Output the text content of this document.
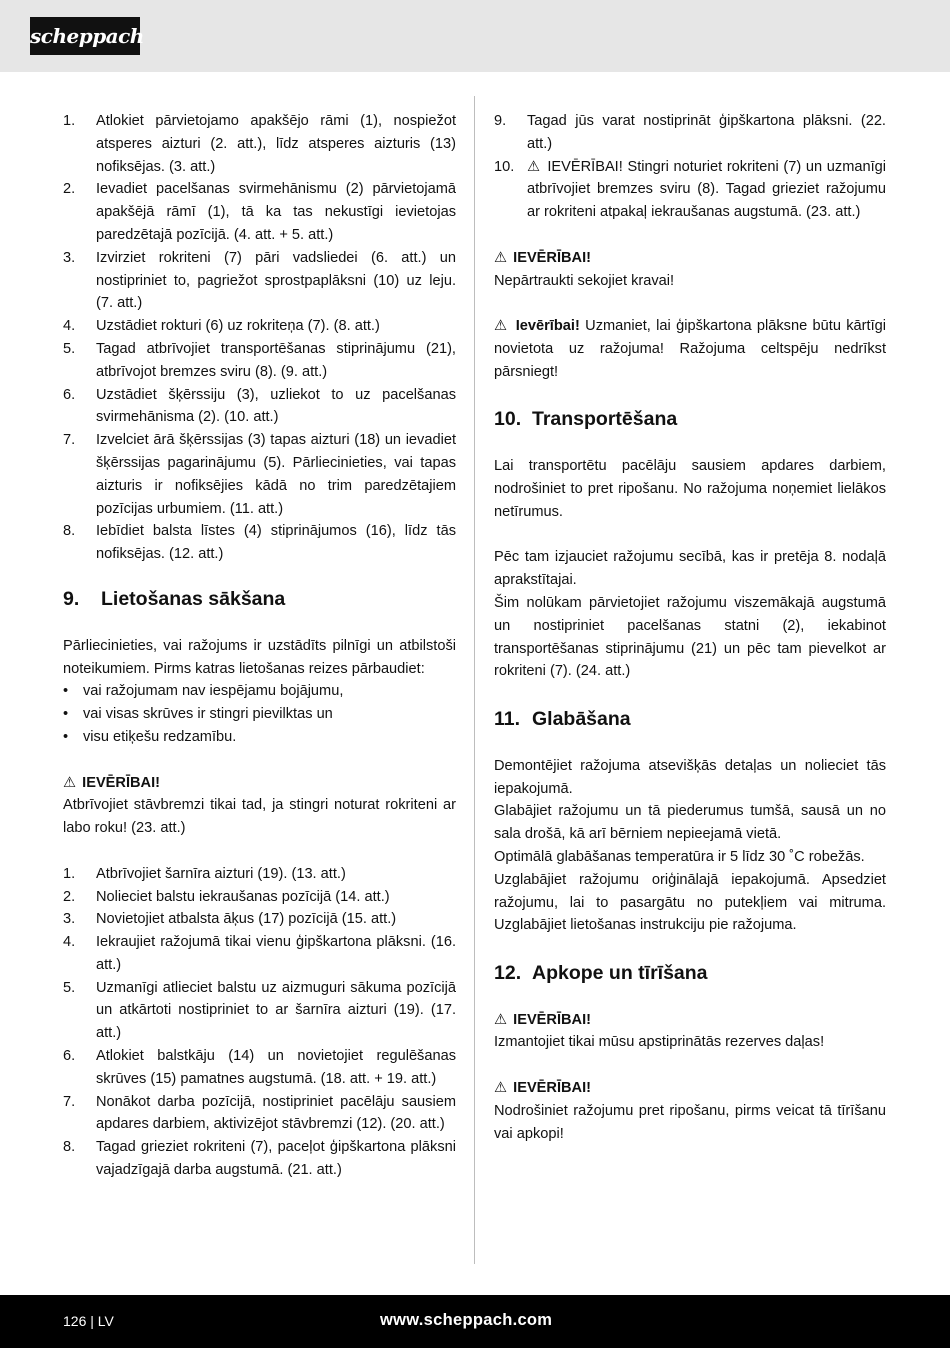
scheppach
1. Atlokiet pārvietojamo apakšējo rāmi (1), nospiežot atsperes aizturi (2. att.), līdz atsperes aizturis (13) nofiksējas. (3. att.)
2. Ievadiet pacelšanas svirmehānismu (2) pārvietojamā apakšējā rāmī (1), tā ka tas nekustīgi ievietojas paredzētajā pozīcijā. (4. att. + 5. att.)
3. Izvirziet rokriteni (7) pāri vadsliedei (6. att.) un nostipriniet to, pagriežot sprostpaplāksni (10) uz leju. (7. att.)
4. Uzstādiet rokturi (6) uz rokriteņa (7). (8. att.)
5. Tagad atbrīvojiet transportēšanas stiprinājumu (21), atbrīvojot bremzes sviru (8). (9. att.)
6. Uzstādiet šķērssiju (3), uzliekot to uz pacelšanas svirmehānisma (2). (10. att.)
7. Izvelciet ārā šķērssijas (3) tapas aizturi (18) un ievadiet šķērssijas pagarinājumu (5). Pārliecinieties, vai tapas aizturis ir nofiksējies kādā no trim paredzētajiem pozīcijas urbumiem. (11. att.)
8. Iebīdiet balsta līstes (4) stiprinājumos (16), līdz tās nofiksējas. (12. att.)
9. Lietošanas sākšana

Pārliecinieties, vai ražojums ir uzstādīts pilnīgi un atbilstoši noteikumiem. Pirms katras lietošanas reizes pārbaudiet:

• vai ražojumam nav iespējamu bojājumu,
• vai visas skrūves ir stingri pievilktas un
• visu etiķešu redzamību.
⚠ IEVĒRĪBAI!

Atbrīvojiet stāvbremzi tikai tad, ja stingri noturat rokriteni ar labo roku! (23. att.)

1. Atbrīvojiet šarnīra aizturi (19). (13. att.)
2. Nolieciet balstu iekraušanas pozīcijā (14. att.)
3. Novietojiet atbalsta āķus (17) pozīcijā (15. att.)
4. Iekraujiet ražojumā tikai vienu ģipškartona plāksni. (16. att.)
5. Uzmanīgi atlieciet balstu uz aizmuguri sākuma pozīcijā un atkārtoti nostipriniet to ar šarnīra aizturi (19). (17. att.)
6. Atlokiet balstkāju (14) un novietojiet regulēšanas skrūves (15) pamatnes augstumā. (18. att. + 19. att.)
7. Nonākot darba pozīcijā, nostipriniet pacēlāju sausiem apdares darbiem, aktivizējot stāvbremzi (12). (20. att.)
8. Tagad grieziet rokriteni (7), paceļot ģipškartona plāksni vajadzīgajā darba augstumā. (21. att.)
9. Tagad jūs varat nostiprināt ģipškartona plāksni. (22. att.)
10. ⚠ IEVĒRĪBAI! Stingri noturiet rokriteni (7) un uzmanīgi atbrīvojiet bremzes sviru (8). Tagad grieziet ražojumu ar rokriteni atpakaļ iekraušanas augstumā. (23. att.)
⚠ IEVĒRĪBAI!

Nepārtraukti sekojiet kravai!

⚠ Ievērībai! Uzmaniet, lai ģipškartona plāksne būtu kārtīgi novietota uz ražojuma! Ražojuma celtspēju nedrīkst pārsniegt!

10. Transportēšana

Lai transportētu pacēlāju sausiem apdares darbiem, nodrošiniet to pret ripošanu. No ražojuma noņemiet lielākos netīrumus.

Pēc tam izjauciet ražojumu secībā, kas ir pretēja 8. nodaļā aprakstītajai.

Šim nolūkam pārvietojiet ražojumu viszemākajā augstumā un nostipriniet pacelšanas statni (2), iekabinot transportēšanas stiprinājumu (21) un pēc tam pievelkot ar rokriteni (7). (24. att.)

11. Glabāšana

Demontējiet ražojuma atsevišķās detaļas un nolieciet tās iepakojumā.

Glabājiet ražojumu un tā piederumus tumšā, sausā un no sala drošā, kā arī bērniem nepieejamā vietā.

Optimālā glabāšanas temperatūra ir 5 līdz 30 ˚C robežās.

Uzglabājiet ražojumu oriģinālajā iepakojumā. Apsedziet ražojumu, lai to pasargātu no putekļiem vai mitruma. Uzglabājiet lietošanas instrukciju pie ražojuma.

12. Apkope un tīrīšana
⚠ IEVĒRĪBAI!

Izmantojiet tikai mūsu apstiprinātās rezerves daļas!

⚠ IEVĒRĪBAI!

Nodrošiniet ražojumu pret ripošanu, pirms veicat tā tīrīšanu vai apkopi!

126 | LV	www.scheppach.com
